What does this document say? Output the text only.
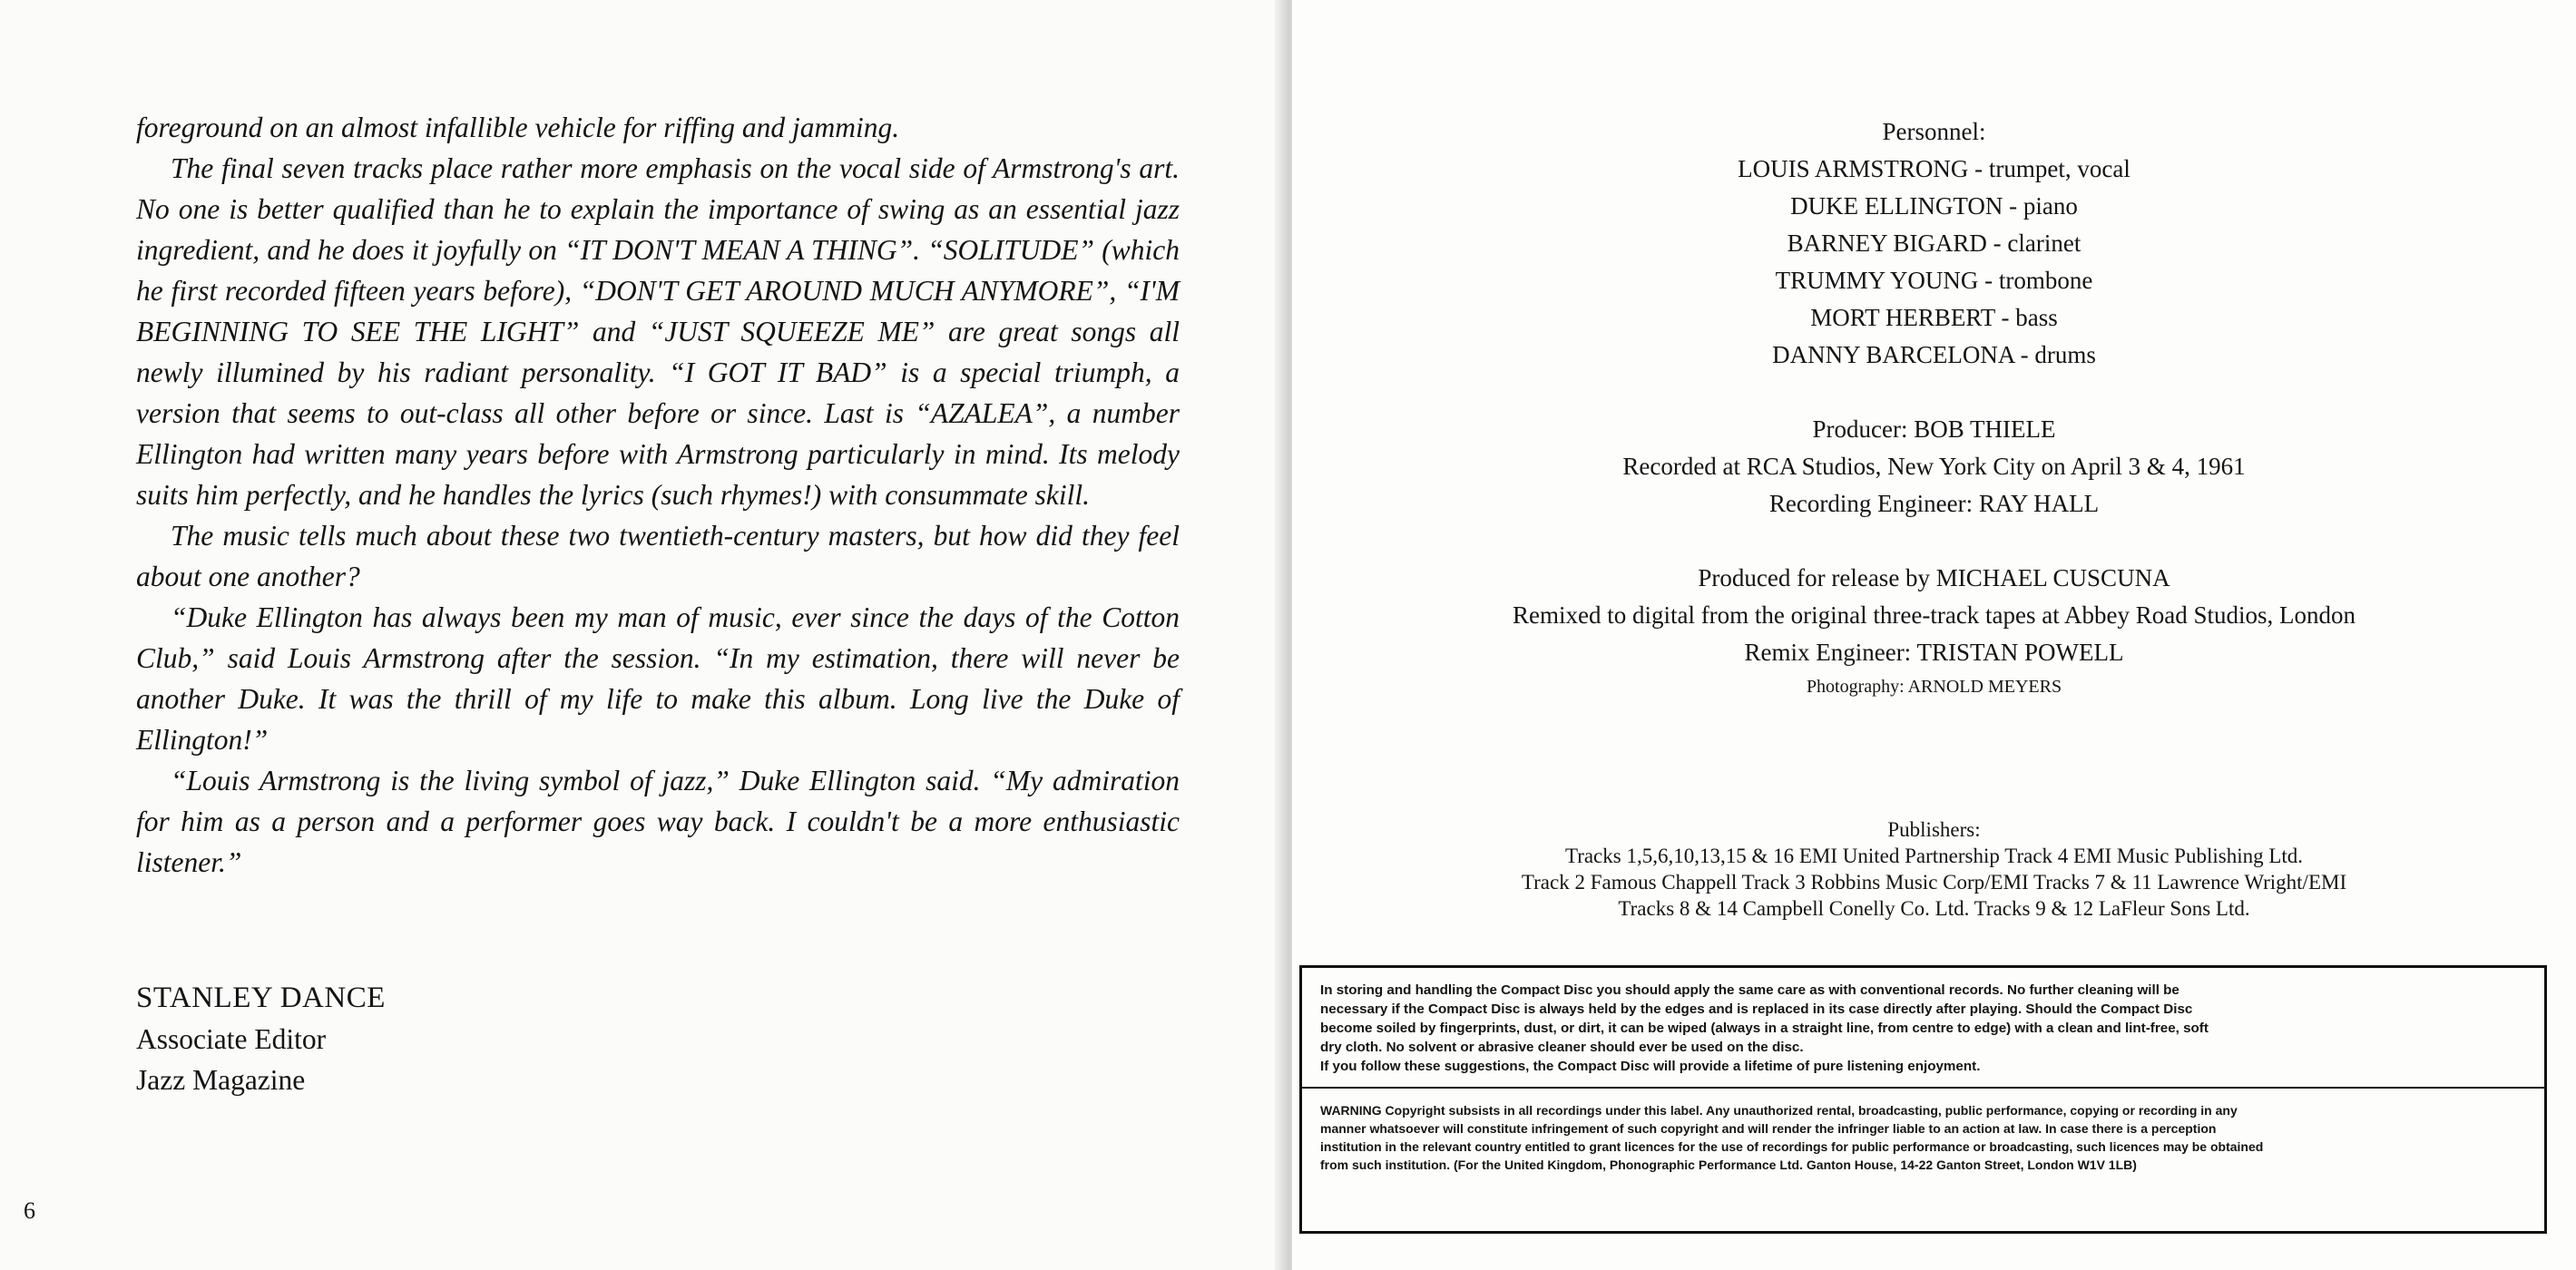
foreground on an almost infallible vehicle for riffing and jamming.

The final seven tracks place rather more emphasis on the vocal side of Armstrong's art. No one is better qualified than he to explain the importance of swing as an essential jazz ingredient, and he does it joyfully on “IT DON'T MEAN A THING”. “SOLITUDE” (which he first recorded fifteen years before), “DON'T GET AROUND MUCH ANYMORE”, “I'M BEGINNING TO SEE THE LIGHT” and “JUST SQUEEZE ME” are great songs all newly illumined by his radiant personality. “I GOT IT BAD” is a special triumph, a version that seems to out-class all other before or since. Last is “AZALEA”, a number Ellington had written many years before with Armstrong particularly in mind. Its melody suits him perfectly, and he handles the lyrics (such rhymes!) with consummate skill.

The music tells much about these two twentieth-century masters, but how did they feel about one another?

“Duke Ellington has always been my man of music, ever since the days of the Cotton Club,” said Louis Armstrong after the session. “In my estimation, there will never be another Duke. It was the thrill of my life to make this album. Long live the Duke of Ellington!”

“Louis Armstrong is the living symbol of jazz,” Duke Ellington said. “My admiration for him as a person and a performer goes way back. I couldn't be a more enthusiastic listener.”

STANLEY DANCE
Associate Editor
Jazz Magazine
6
Personnel:
LOUIS ARMSTRONG - trumpet, vocal
DUKE ELLINGTON - piano
BARNEY BIGARD - clarinet
TRUMMY YOUNG - trombone
MORT HERBERT - bass
DANNY BARCELONA - drums
Producer: BOB THIELE
Recorded at RCA Studios, New York City on April 3 & 4, 1961
Recording Engineer: RAY HALL
Produced for release by MICHAEL CUSCUNA
Remixed to digital from the original three-track tapes at Abbey Road Studios, London
Remix Engineer: TRISTAN POWELL
Photography: ARNOLD MEYERS
Publishers:
Tracks 1,5,6,10,13,15 & 16 EMI United Partnership Track 4 EMI Music Publishing Ltd.
Track 2 Famous Chappell Track 3 Robbins Music Corp/EMI Tracks 7 & 11 Lawrence Wright/EMI
Tracks 8 & 14 Campbell Conelly Co. Ltd. Tracks 9 & 12 LaFleur Sons Ltd.
In storing and handling the Compact Disc you should apply the same care as with conventional records. No further cleaning will be
necessary if the Compact Disc is always held by the edges and is replaced in its case directly after playing. Should the Compact Disc
become soiled by fingerprints, dust, or dirt, it can be wiped (always in a straight line, from centre to edge) with a clean and lint-free, soft
dry cloth. No solvent or abrasive cleaner should ever be used on the disc.
If you follow these suggestions, the Compact Disc will provide a lifetime of pure listening enjoyment.
WARNING Copyright subsists in all recordings under this label. Any unauthorized rental, broadcasting, public performance, copying or recording in any
manner whatsoever will constitute infringement of such copyright and will render the infringer liable to an action at law. In case there is a perception
institution in the relevant country entitled to grant licences for the use of recordings for public performance or broadcasting, such licences may be obtained
from such institution. (For the United Kingdom, Phonographic Performance Ltd. Ganton House, 14-22 Ganton Street, London W1V 1LB)
